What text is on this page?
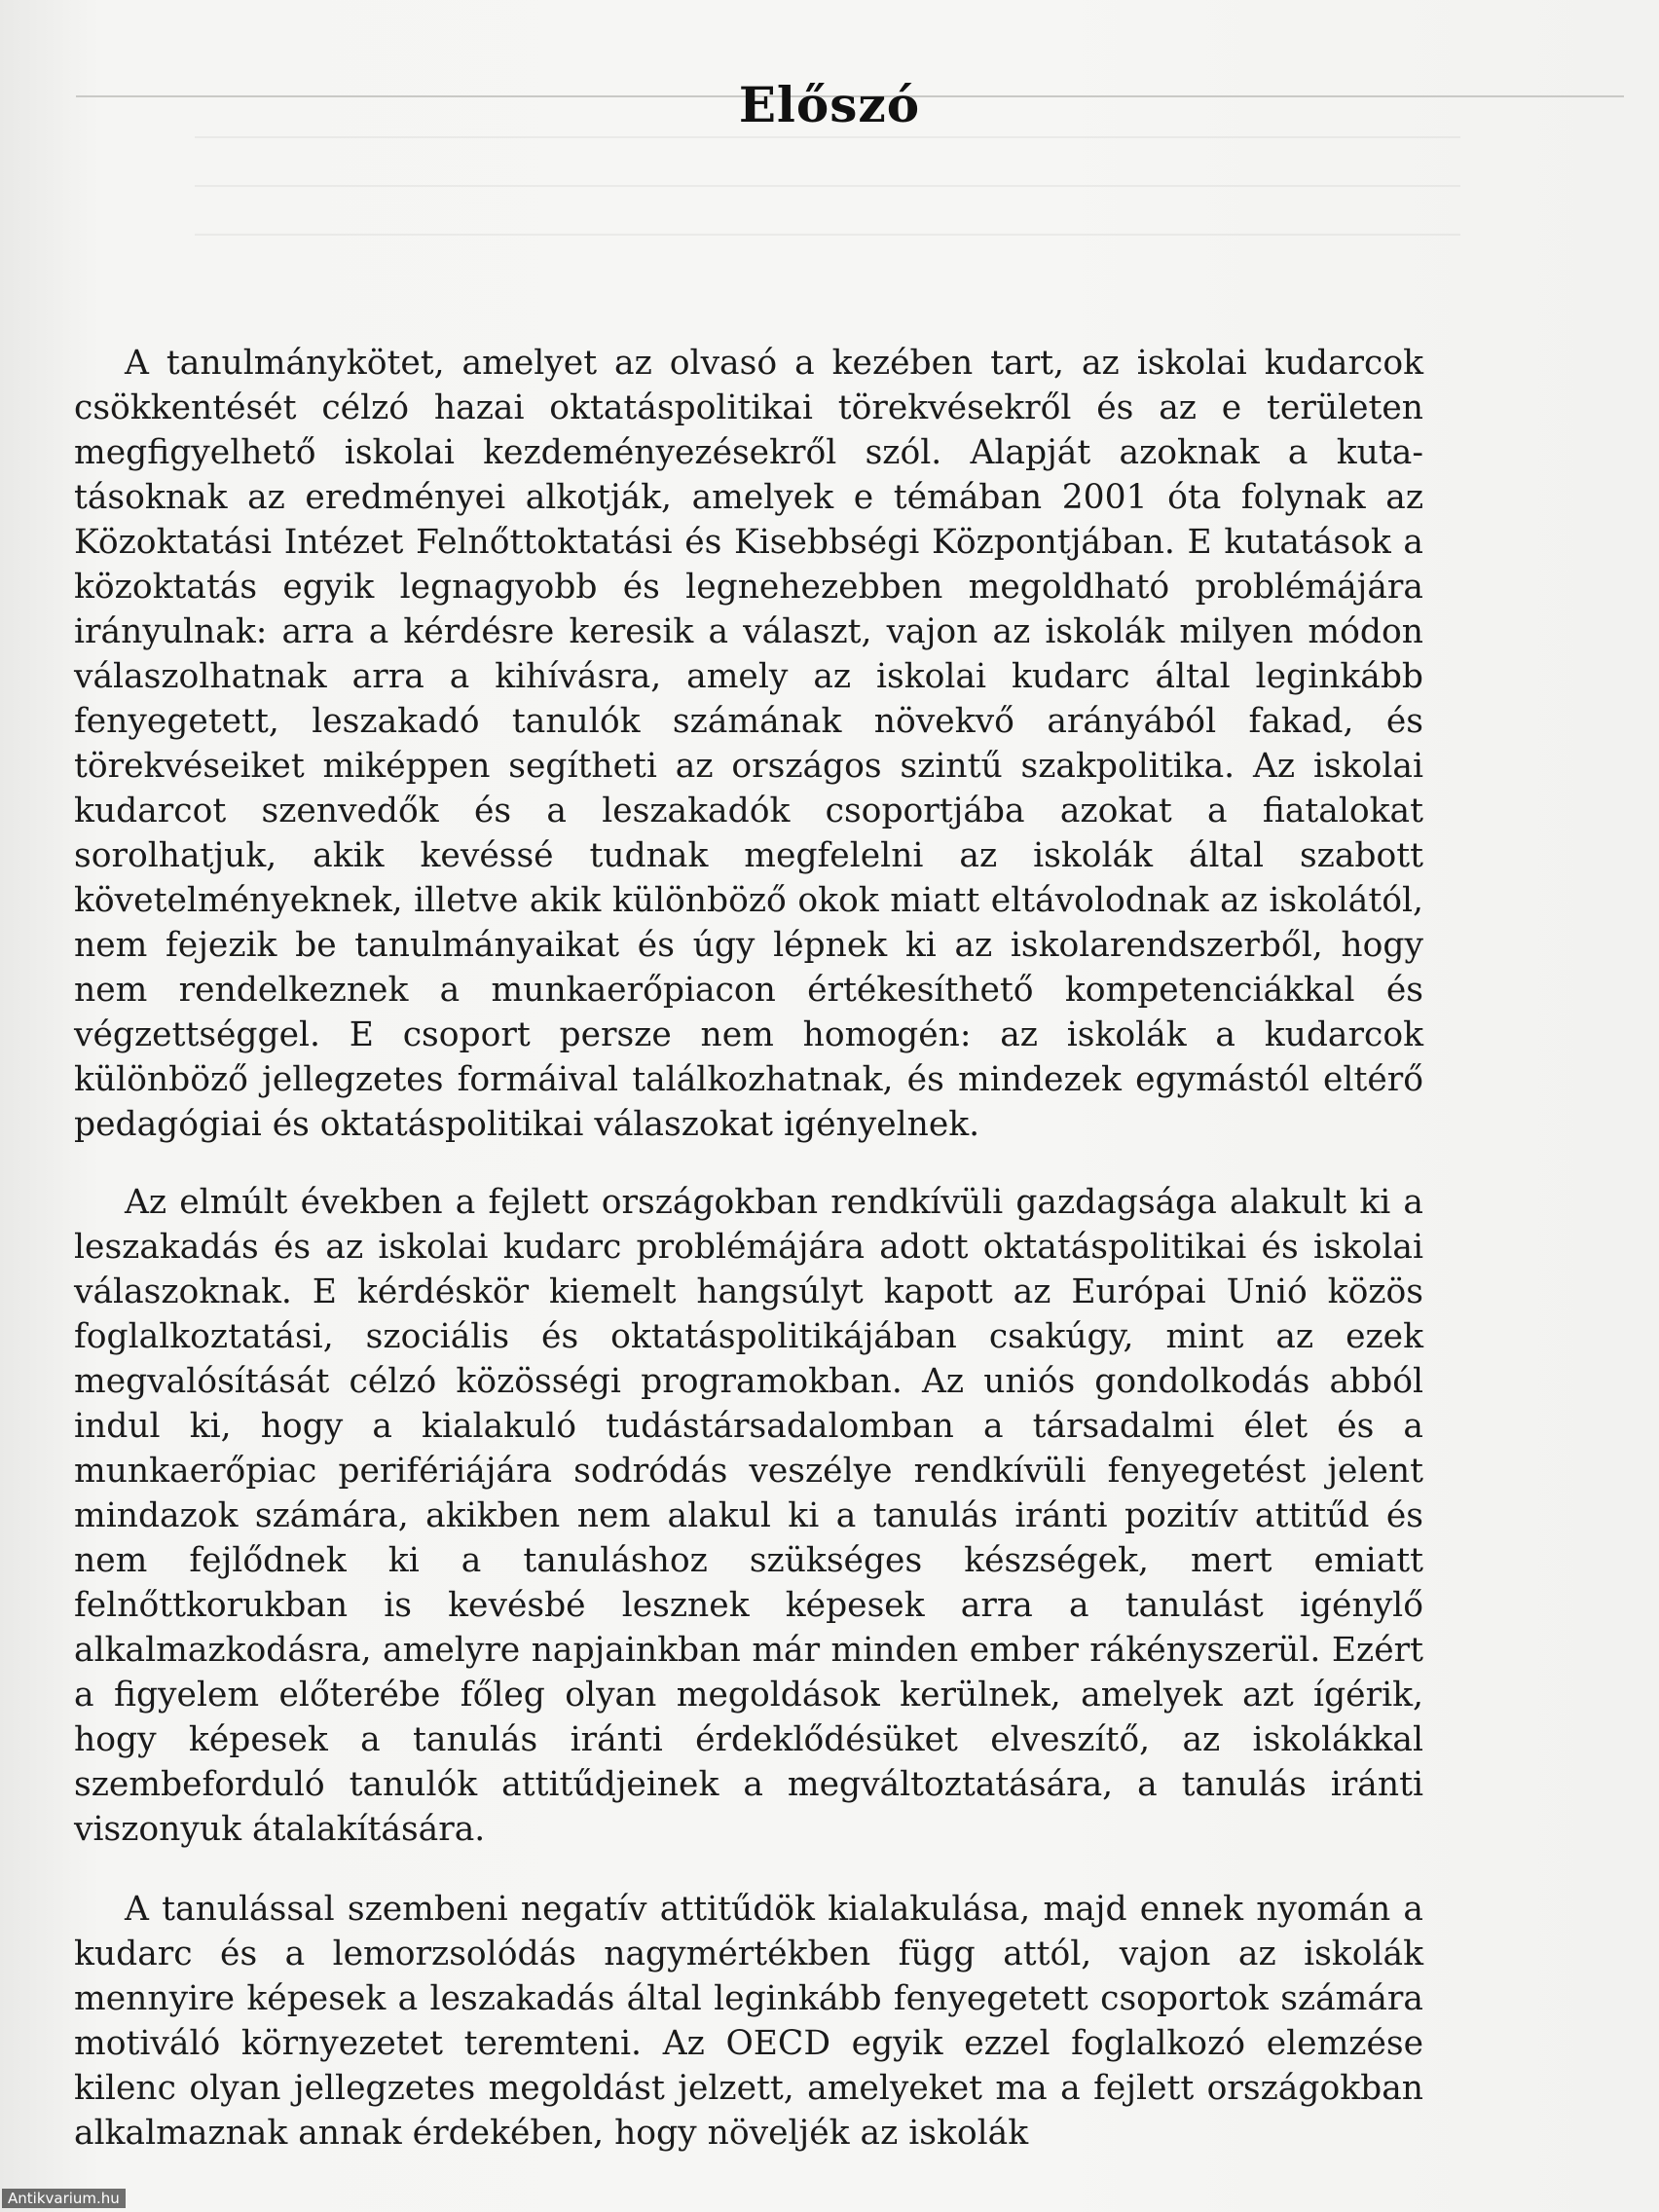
Előszó

A tanulmánykötet, amelyet az olvasó a kezében tart, az iskolai kudarcok csökkentését célzó hazai oktatáspolitikai törekvésekről és az e területen megfigyelhető iskolai kezdeményezésekről szól. Alapját azoknak a kutatásoknak az eredményei alkotják, amelyek e témában 2001 óta folynak az Közoktatási Intézet Felnőttoktatási és Kisebbségi Központjában. E kutatások a közoktatás egyik legnagyobb és legnehezebben megoldható problémájára irányulnak: arra a kérdésre keresik a választ, vajon az iskolák milyen módon válaszolhatnak arra a kihívásra, amely az iskolai kudarc által leginkább fenyegetett, leszakadó tanulók számának növekvő arányából fakad, és törekvéseiket miképpen segítheti az országos szintű szakpolitika. Az iskolai kudarcot szenvedők és a leszakadók csoportjába azokat a fiatalokat sorolhatjuk, akik kevéssé tudnak megfelelni az iskolák által szabott követelményeknek, illetve akik különböző okok miatt eltávolodnak az iskolától, nem fejezik be tanulmányaikat és úgy lépnek ki az iskolarendszerből, hogy nem rendelkeznek a munkaerőpiacon értékesíthető kompetenciákkal és végzettséggel. E csoport persze nem homogén: az iskolák a kudarcok különböző jellegzetes formáival találkozhatnak, és mindezek egymástól eltérő pedagógiai és oktatáspolitikai válaszokat igényelnek.

Az elmúlt években a fejlett országokban rendkívüli gazdagsága alakult ki a leszakadás és az iskolai kudarc problémájára adott oktatáspolitikai és iskolai válaszoknak. E kérdéskör kiemelt hangsúlyt kapott az Európai Unió közös foglalkoztatási, szociális és oktatáspolitikájában csakúgy, mint az ezek megvalósítását célzó közösségi programokban. Az uniós gondolkodás abból indul ki, hogy a kialakuló tudástársadalomban a társadalmi élet és a munkaerőpiac perifériájára sodródás veszélye rendkívüli fenyegetést jelent mindazok számára, akikben nem alakul ki a tanulás iránti pozitív attitűd és nem fejlődnek ki a tanuláshoz szükséges készségek, mert emiatt felnőttkorukban is kevésbé lesznek képesek arra a tanulást igénylő alkalmazkodásra, amelyre napjainkban már minden ember rákényszerül. Ezért a figyelem előterébe főleg olyan megoldások kerülnek, amelyek azt ígérik, hogy képesek a tanulás iránti érdeklődésüket elveszítő, az iskolákkal szembeforduló tanulók attitűdjeinek a megváltoztatására, a tanulás iránti viszonyuk átalakítására.

A tanulással szembeni negatív attitűdök kialakulása, majd ennek nyomán a kudarc és a lemorzsolódás nagymértékben függ attól, vajon az iskolák mennyire képesek a leszakadás által leginkább fenyegetett csoportok számára motiváló környezetet teremteni. Az OECD egyik ezzel foglalkozó elemzése kilenc olyan jellegzetes megoldást jelzett, amelyeket ma a fejlett országokban alkalmaznak annak érdekében, hogy növeljék az iskolák

Antikvarium.hu
